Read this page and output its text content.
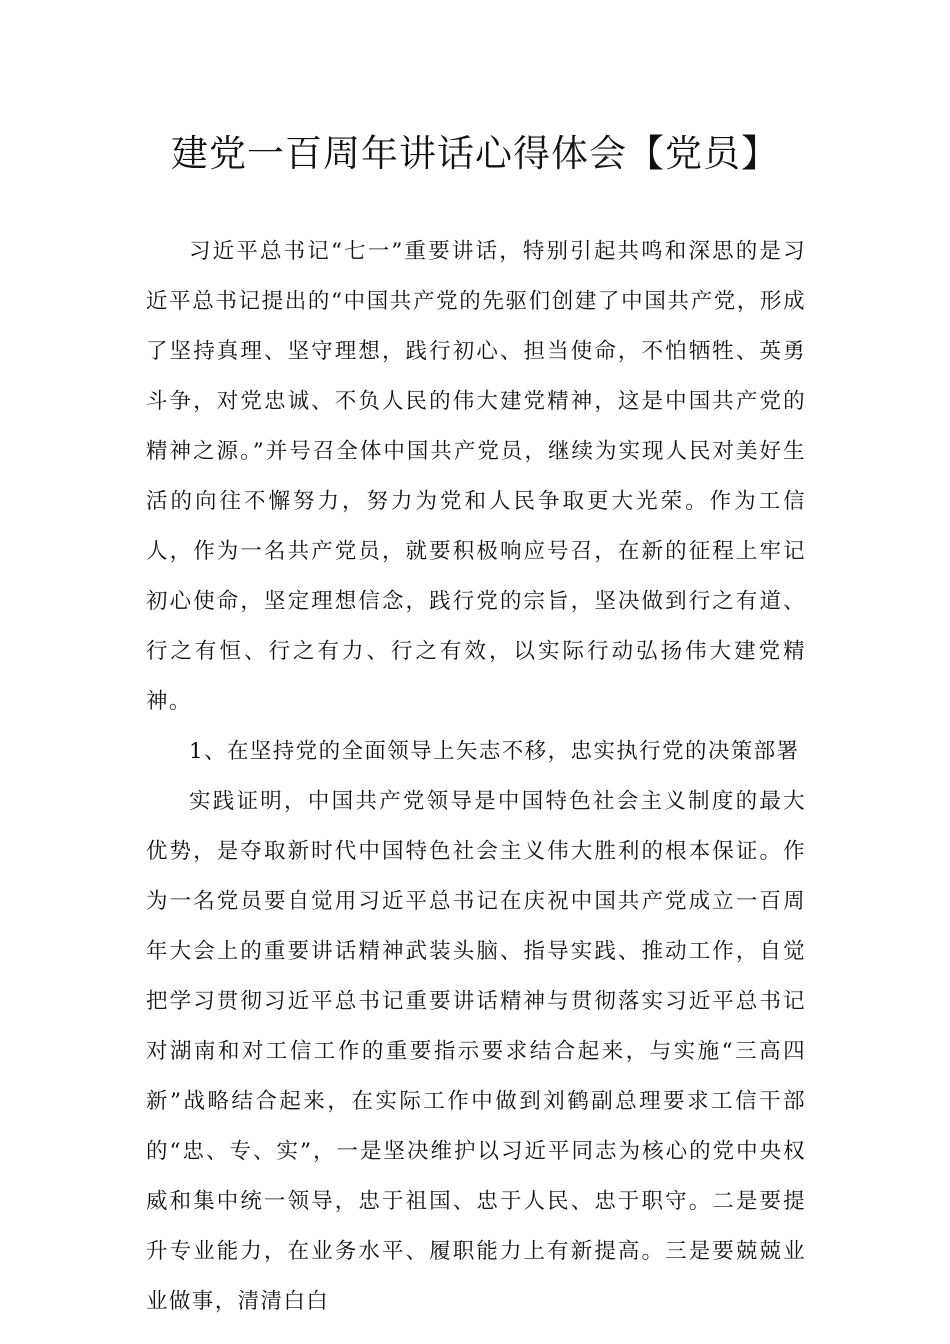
建党一百周年讲话心得体会【党员】

习近平总书记“七一”重要讲话，特别引起共鸣和深思的是习近平总书记提出的“中国共产党的先驱们创建了中国共产党，形成了坚持真理、坚守理想，践行初心、担当使命，不怕牺牲、英勇斗争，对党忠诚、不负人民的伟大建党精神，这是中国共产党的精神之源。”并号召全体中国共产党员，继续为实现人民对美好生活的向往不懈努力，努力为党和人民争取更大光荣。作为工信人，作为一名共产党员，就要积极响应号召，在新的征程上牢记初心使命，坚定理想信念，践行党的宗旨，坚决做到行之有道、行之有恒、行之有力、行之有效，以实际行动弘扬伟大建党精神。

1、在坚持党的全面领导上矢志不移，忠实执行党的决策部署

实践证明，中国共产党领导是中国特色社会主义制度的最大优势，是夺取新时代中国特色社会主义伟大胜利的根本保证。作为一名党员要自觉用习近平总书记在庆祝中国共产党成立一百周年大会上的重要讲话精神武装头脑、指导实践、推动工作，自觉把学习贯彻习近平总书记重要讲话精神与贯彻落实习近平总书记对湖南和对工信工作的重要指示要求结合起来，与实施“三高四新”战略结合起来，在实际工作中做到刘鹤副总理要求工信干部的“忠、专、实”，一是坚决维护以习近平同志为核心的党中央权威和集中统一领导，忠于祖国、忠于人民、忠于职守。二是要提升专业能力，在业务水平、履职能力上有新提高。三是要兢兢业业做事，清清白白
